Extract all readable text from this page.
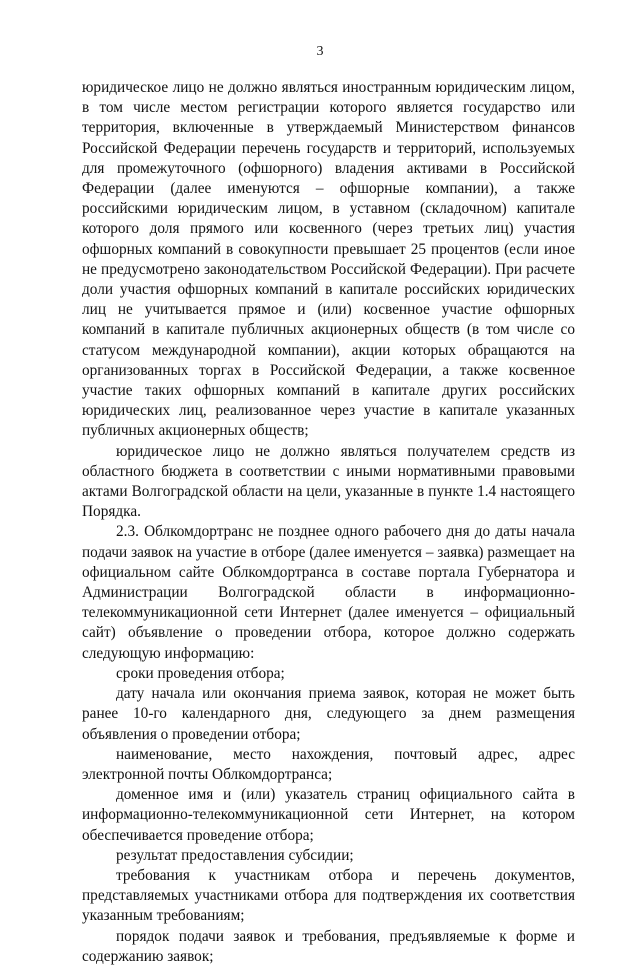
3

юридическое лицо не должно являться иностранным юридическим лицом, в том числе местом регистрации которого является государство или территория, включенные в утверждаемый Министерством финансов Российской Федерации перечень государств и территорий, используемых для промежуточного (офшорного) владения активами в Российской Федерации (далее именуются – офшорные компании), а также российскими юридическим лицом, в уставном (складочном) капитале которого доля прямого или косвенного (через третьих лиц) участия офшорных компаний в совокупности превышает 25 процентов (если иное не предусмотрено законодательством Российской Федерации). При расчете доли участия офшорных компаний в капитале российских юридических лиц не учитывается прямое и (или) косвенное участие офшорных компаний в капитале публичных акционерных обществ (в том числе со статусом международной компании), акции которых обращаются на организованных торгах в Российской Федерации, а также косвенное участие таких офшорных компаний в капитале других российских юридических лиц, реализованное через участие в капитале указанных публичных акционерных обществ;

юридическое лицо не должно являться получателем средств из областного бюджета в соответствии с иными нормативными правовыми актами Волгоградской области на цели, указанные в пункте 1.4 настоящего Порядка.

2.3. Облкомдортранс не позднее одного рабочего дня до даты начала подачи заявок на участие в отборе (далее именуется – заявка) размещает на официальном сайте Облкомдортранса в составе портала Губернатора и Администрации Волгоградской области в информационно-телекоммуникационной сети Интернет (далее именуется – официальный сайт) объявление о проведении отбора, которое должно содержать следующую информацию:

сроки проведения отбора;

дату начала или окончания приема заявок, которая не может быть ранее 10-го календарного дня, следующего за днем размещения объявления о проведении отбора;

наименование, место нахождения, почтовый адрес, адрес электронной почты Облкомдортранса;

доменное имя и (или) указатель страниц официального сайта в информационно-телекоммуникационной сети Интернет, на котором обеспечивается проведение отбора;

результат предоставления субсидии;

требования к участникам отбора и перечень документов, представляемых участниками отбора для подтверждения их соответствия указанным требованиям;

порядок подачи заявок и требования, предъявляемые к форме и содержанию заявок;
